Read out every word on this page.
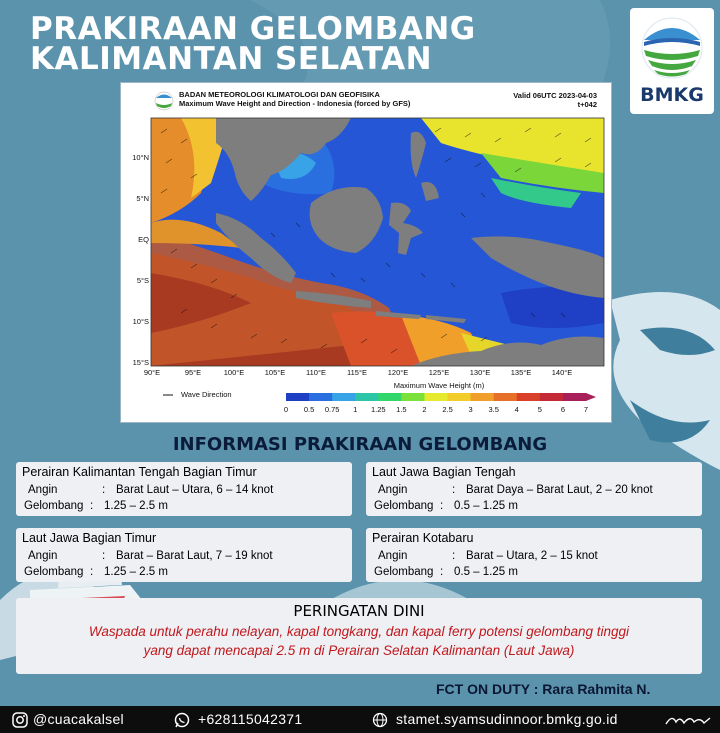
PRAKIRAAN GELOMBANG
KALIMANTAN SELATAN
BMKG
BADAN METEOROLOGI KLIMATOLOGI DAN GEOFISIKA
Maximum Wave Height and Direction - Indonesia (forced by GFS)
Valid 06UTC 2023-04-03
t+042
10°N
5°N
EQ
5°S
10°S
15°S
90°E	95°E	100°E	105°E	110°E	115°E	120°E	125°E	130°E	135°E	140°E
Wave Direction
Maximum Wave Height (m)
0	0.5	0.75	1	1.25	1.5	2	2.5	3	3.5	4	5	6	7
INFORMASI PRAKIRAAN GELOMBANG
Perairan Kalimantan Tengah Bagian Timur
Angin	: Barat Laut – Utara, 6 – 14 knot
Gelombang : 1.25 – 2.5 m
Laut Jawa Bagian Tengah
Angin	: Barat Daya – Barat Laut, 2 – 20 knot
Gelombang : 0.5 – 1.25 m
Laut Jawa Bagian Timur
Angin	: Barat – Barat Laut, 7 – 19 knot
Gelombang : 1.25 – 2.5 m
Perairan Kotabaru
Angin	: Barat – Utara, 2 – 15 knot
Gelombang : 0.5 – 1.25 m
PERINGATAN DINI
Waspada untuk perahu nelayan, kapal tongkang, dan kapal ferry potensi gelombang tinggi
yang dapat mencapai 2.5 m di Perairan Selatan Kalimantan (Laut Jawa)
FCT ON DUTY : Rara Rahmita N.
@cuacakalsel	+628115042371	stamet.syamsudinnoor.bmkg.go.id
